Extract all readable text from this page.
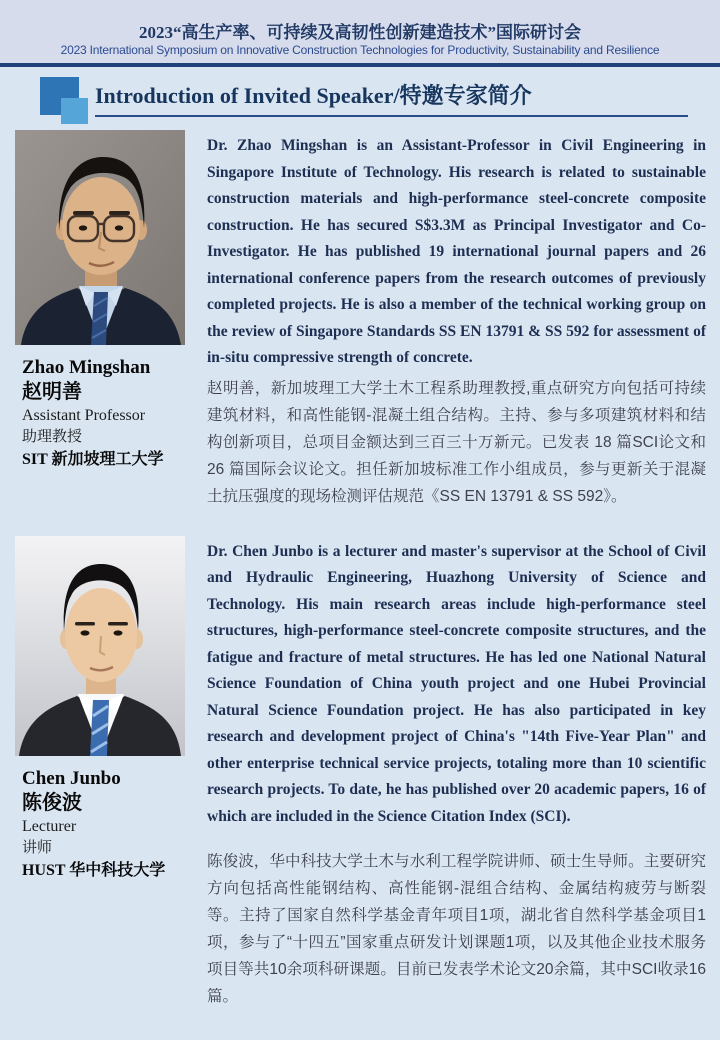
2023“高生产率、可持续及高韧性创新建造技术”国际研讨会
2023 International Symposium on Innovative Construction Technologies for Productivity, Sustainability and Resilience
Introduction of Invited Speaker/特邀专家简介
Zhao Mingshan
赵明善
Assistant Professor
助理教授
SIT 新加坡理工大学

Dr. Zhao Mingshan is an Assistant-Professor in Civil Engineering in Singapore Institute of Technology. His research is related to sustainable construction materials and high-performance steel-concrete composite construction. He has secured S$3.3M as Principal Investigator and Co-Investigator. He has published 19 international journal papers and 26 international conference papers from the research outcomes of previously completed projects. He is also a member of the technical working group on the review of Singapore Standards SS EN 13791 & SS 592 for assessment of in-situ compressive strength of concrete.

赵明善，新加坡理工大学土木工程系助理教授,重点研究方向包括可持续建筑材料，和高性能钢-混凝土组合结构。主持、参与多项建筑材料和结构创新项目，总项目金额达到三百三十万新元。已发表 18 篇SCI论文和 26 篇国际会议论文。担任新加坡标准工作小组成员，参与更新关于混凝土抗压强度的现场检测评估规范《SS EN 13791 & SS 592》。

Chen Junbo
陈俊波
Lecturer
讲师
HUST 华中科技大学

Dr. Chen Junbo is a lecturer and master's supervisor at the School of Civil and Hydraulic Engineering, Huazhong University of Science and Technology. His main research areas include high-performance steel structures, high-performance steel-concrete composite structures, and the fatigue and fracture of metal structures. He has led one National Natural Science Foundation of China youth project and one Hubei Provincial Natural Science Foundation project. He has also participated in key research and development project of China's "14th Five-Year Plan" and other enterprise technical service projects, totaling more than 10 scientific research projects. To date, he has published over 20 academic papers, 16 of which are included in the Science Citation Index (SCI).

陈俊波，华中科技大学土木与水利工程学院讲师、硕士生导师。主要研究方向包括高性能钢结构、高性能钢-混组合结构、金属结构疲劳与断裂等。主持了国家自然科学基金青年项目1项，湖北省自然科学基金项目1项，参与了“十四五”国家重点研发计划课题1项，以及其他企业技术服务项目等共10余项科研课题。目前已发表学术论文20余篇，其中SCI收录16篇。
